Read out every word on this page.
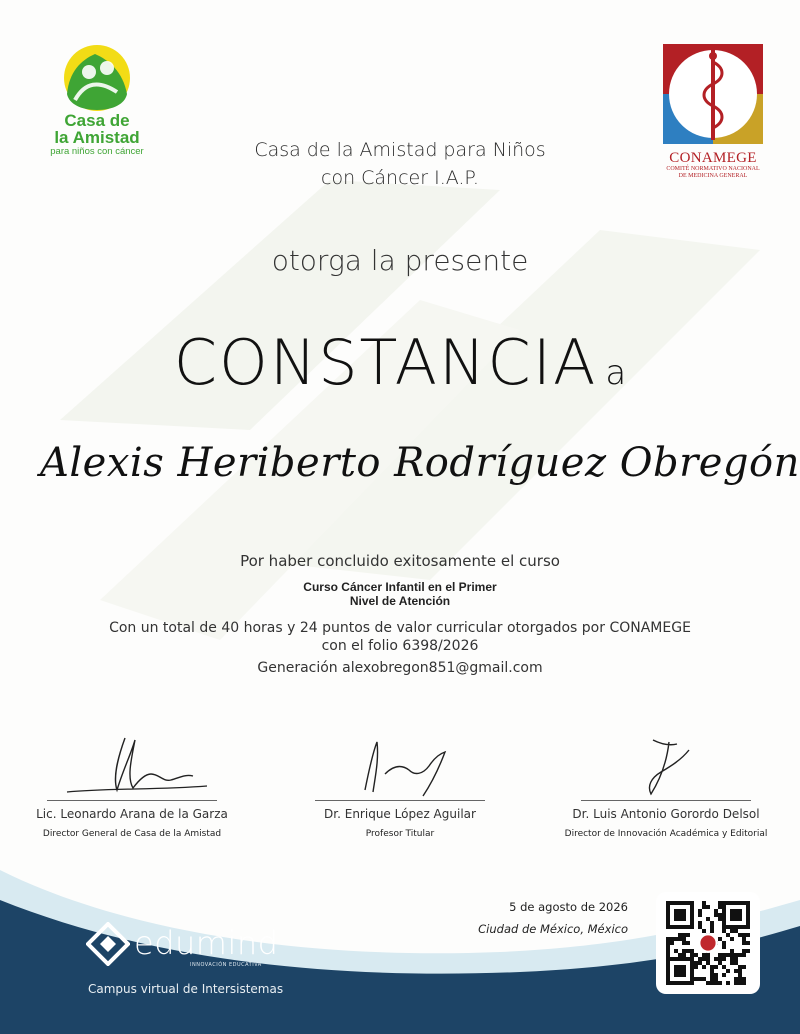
Casa de
la Amistad
para niños con cáncer	Casa de la Amistad para Niños
con Cáncer I.A.P.
CONAMEGE
COMITÉ NORMATIVO NACIONAL
DE MEDICINA GENERAL
otorga la presente
CONSTANCIA a
Alexis Heriberto Rodríguez Obregón
Por haber concluido exitosamente el curso
Curso Cáncer Infantil en el Primer
Nivel de Atención
Con un total de 40 horas y 24 puntos de valor curricular otorgados por CONAMEGE
con el folio 6398/2026
Generación alexobregon851@gmail.com
Lic. Leonardo Arana de la Garza
Director General de Casa de la Amistad
Dr. Enrique López Aguilar
Profesor Titular
Dr. Luis Antonio Gorordo Delsol
Director de Innovación Académica y Editorial
edumind
INNOVACIÓN EDUCATIVA
Campus virtual de Intersistemas
5 de agosto de 2026
Ciudad de México, México
